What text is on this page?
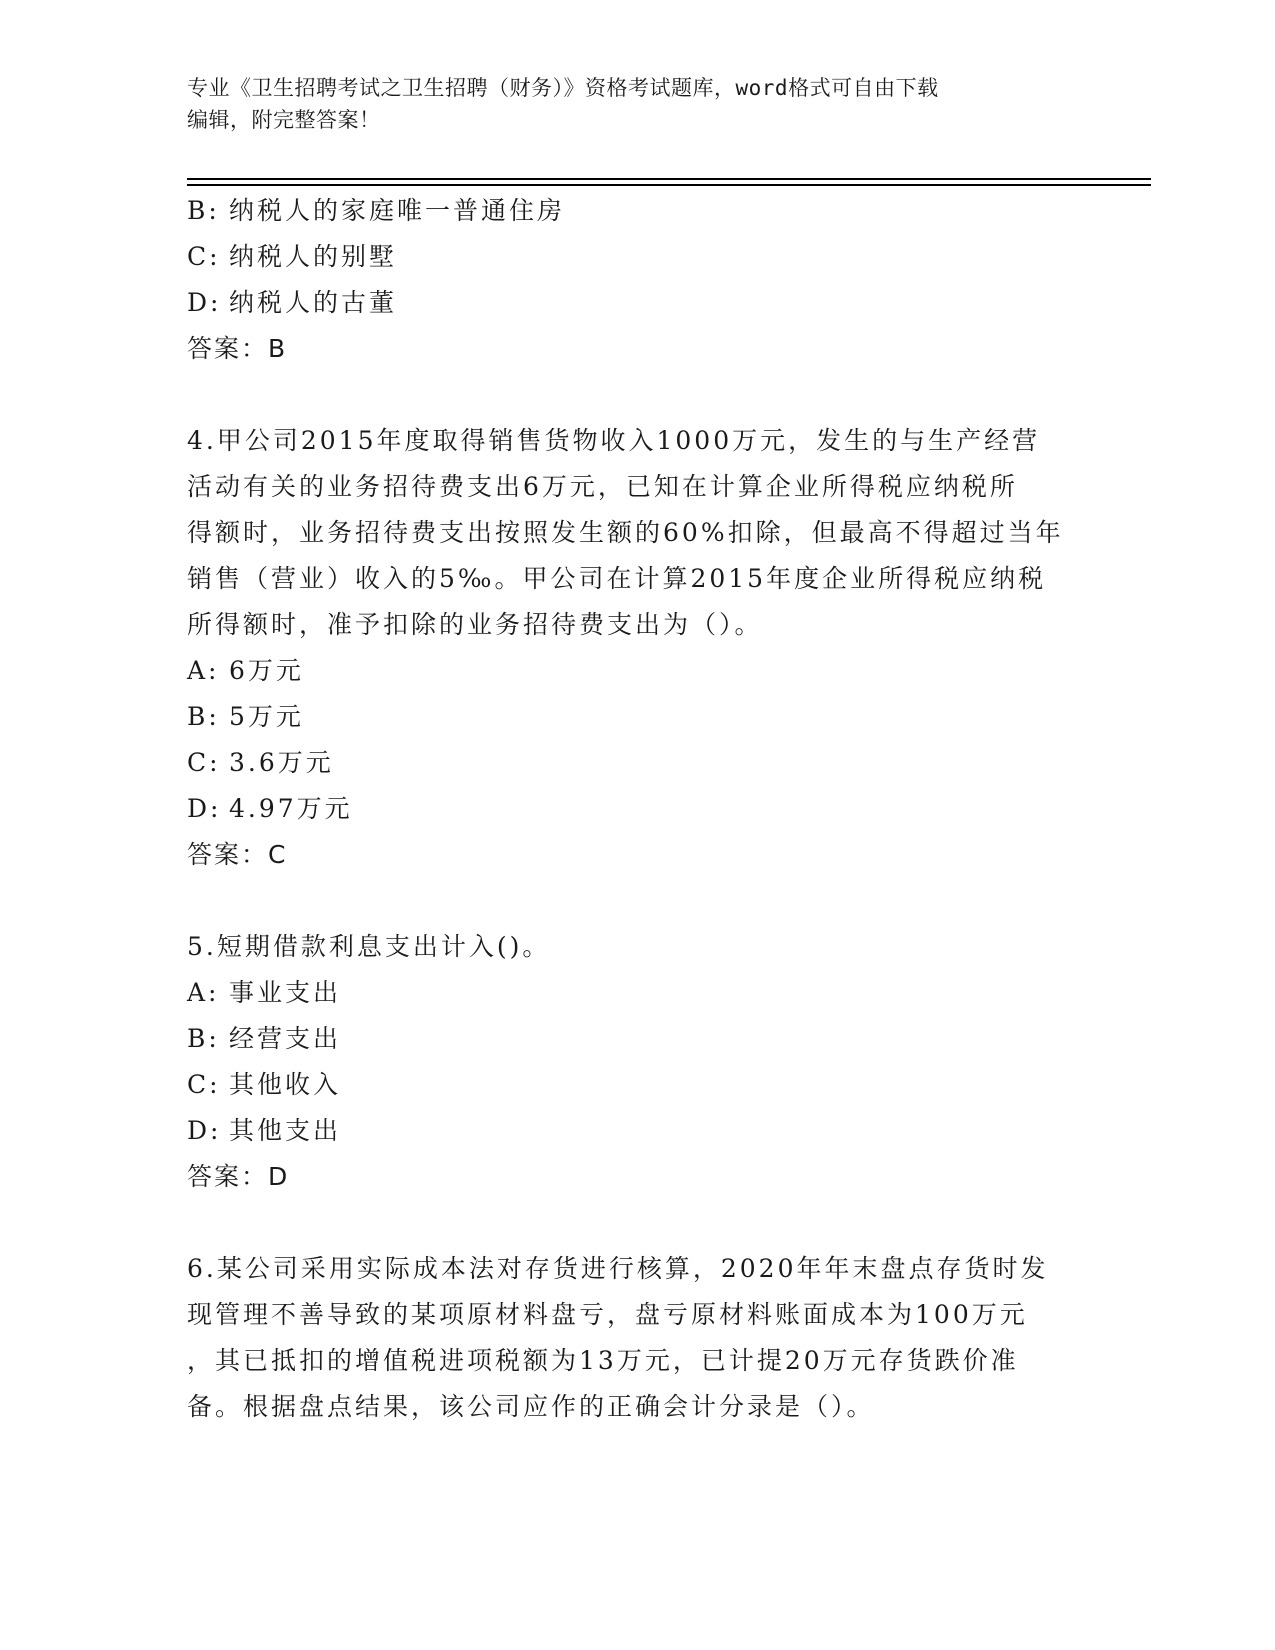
专业《卫生招聘考试之卫生招聘（财务）》资格考试题库，word格式可自由下载
编辑，附完整答案！
B: 纳税人的家庭唯一普通住房
C: 纳税人的别墅
D: 纳税人的古董
答案：B
4.甲公司2015年度取得销售货物收入1000万元，发生的与生产经营
活动有关的业务招待费支出6万元，已知在计算企业所得税应纳税所
得额时，业务招待费支出按照发生额的60%扣除，但最高不得超过当年
销售（营业）收入的5‰。甲公司在计算2015年度企业所得税应纳税
所得额时，准予扣除的业务招待费支出为（）。
A: 6万元
B: 5万元
C: 3.6万元
D: 4.97万元
答案：C
5.短期借款利息支出计入()。
A: 事业支出
B: 经营支出
C: 其他收入
D: 其他支出
答案：D
6.某公司采用实际成本法对存货进行核算，2020年年末盘点存货时发
现管理不善导致的某项原材料盘亏，盘亏原材料账面成本为100万元
，其已抵扣的增值税进项税额为13万元，已计提20万元存货跌价准
备。根据盘点结果，该公司应作的正确会计分录是（）。
